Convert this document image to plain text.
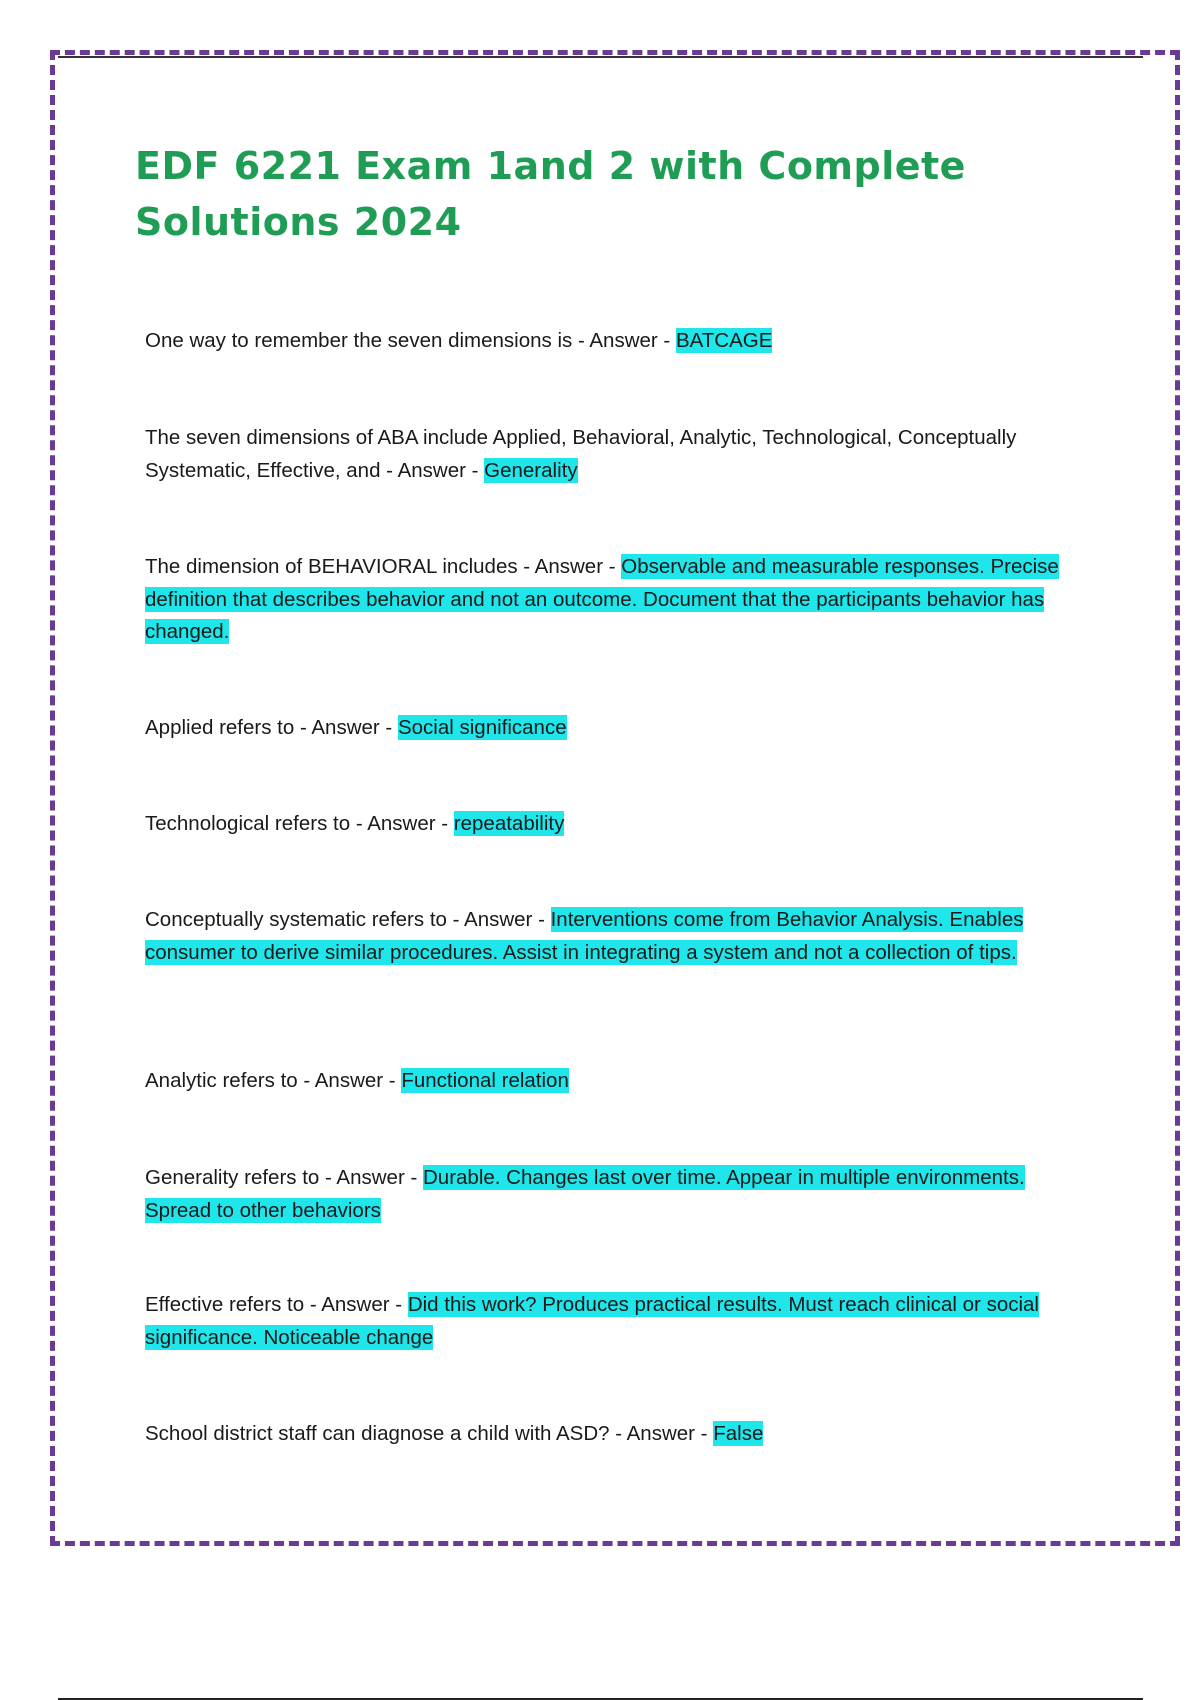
EDF 6221 Exam 1and 2 with Complete Solutions 2024

One way to remember the seven dimensions is - Answer - BATCAGE

The seven dimensions of ABA include Applied, Behavioral, Analytic, Technological, Conceptually Systematic, Effective, and - Answer - Generality

The dimension of BEHAVIORAL includes - Answer - Observable and measurable responses. Precise definition that describes behavior and not an outcome. Document that the participants behavior has changed.

Applied refers to - Answer - Social significance

Technological refers to - Answer - repeatability

Conceptually systematic refers to - Answer - Interventions come from Behavior Analysis. Enables consumer to derive similar procedures. Assist in integrating a system and not a collection of tips.

Analytic refers to - Answer - Functional relation

Generality refers to - Answer - Durable. Changes last over time. Appear in multiple environments. Spread to other behaviors

Effective refers to - Answer - Did this work? Produces practical results. Must reach clinical or social significance. Noticeable change

School district staff can diagnose a child with ASD? - Answer - False
